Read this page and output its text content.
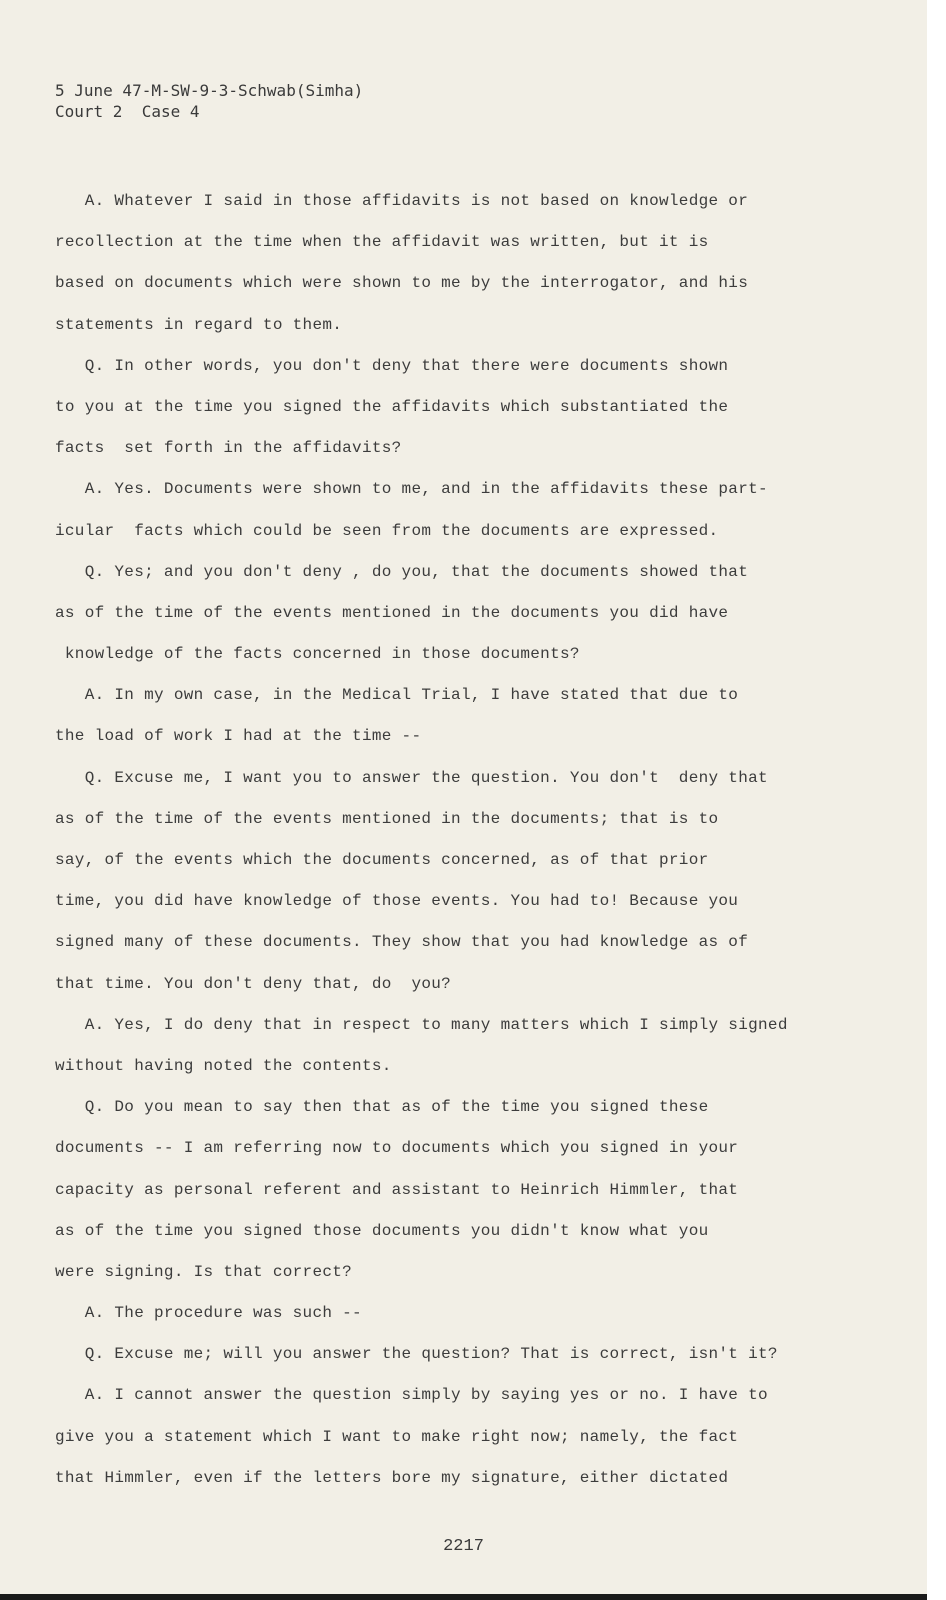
5 June 47-M-SW-9-3-Schwab(Simha)
Court 2  Case 4
A. Whatever I said in those affidavits is not based on knowledge or
recollection at the time when the affidavit was written, but it is
based on documents which were shown to me by the interrogator, and his
statements in regard to them.
Q. In other words, you don't deny that there were documents shown
to you at the time you signed the affidavits which substantiated the
facts  set forth in the affidavits?
A. Yes. Documents were shown to me, and in the affidavits these part-
icular  facts which could be seen from the documents are expressed.
Q. Yes; and you don't deny , do you, that the documents showed that
as of the time of the events mentioned in the documents you did have
knowledge of the facts concerned in those documents?
A. In my own case, in the Medical Trial, I have stated that due to
the load of work I had at the time --
Q. Excuse me, I want you to answer the question. You don't  deny that
as of the time of the events mentioned in the documents; that is to
say, of the events which the documents concerned, as of that prior
time, you did have knowledge of those events. You had to! Because you
signed many of these documents. They show that you had knowledge as of
that time. You don't deny that, do  you?
A. Yes, I do deny that in respect to many matters which I simply signed
without having noted the contents.
Q. Do you mean to say then that as of the time you signed these
documents -- I am referring now to documents which you signed in your
capacity as personal referent and assistant to Heinrich Himmler, that
as of the time you signed those documents you didn't know what you
were signing. Is that correct?
A. The procedure was such --
Q. Excuse me; will you answer the question? That is correct, isn't it?
A. I cannot answer the question simply by saying yes or no. I have to
give you a statement which I want to make right now; namely, the fact
that Himmler, even if the letters bore my signature, either dictated
2217
